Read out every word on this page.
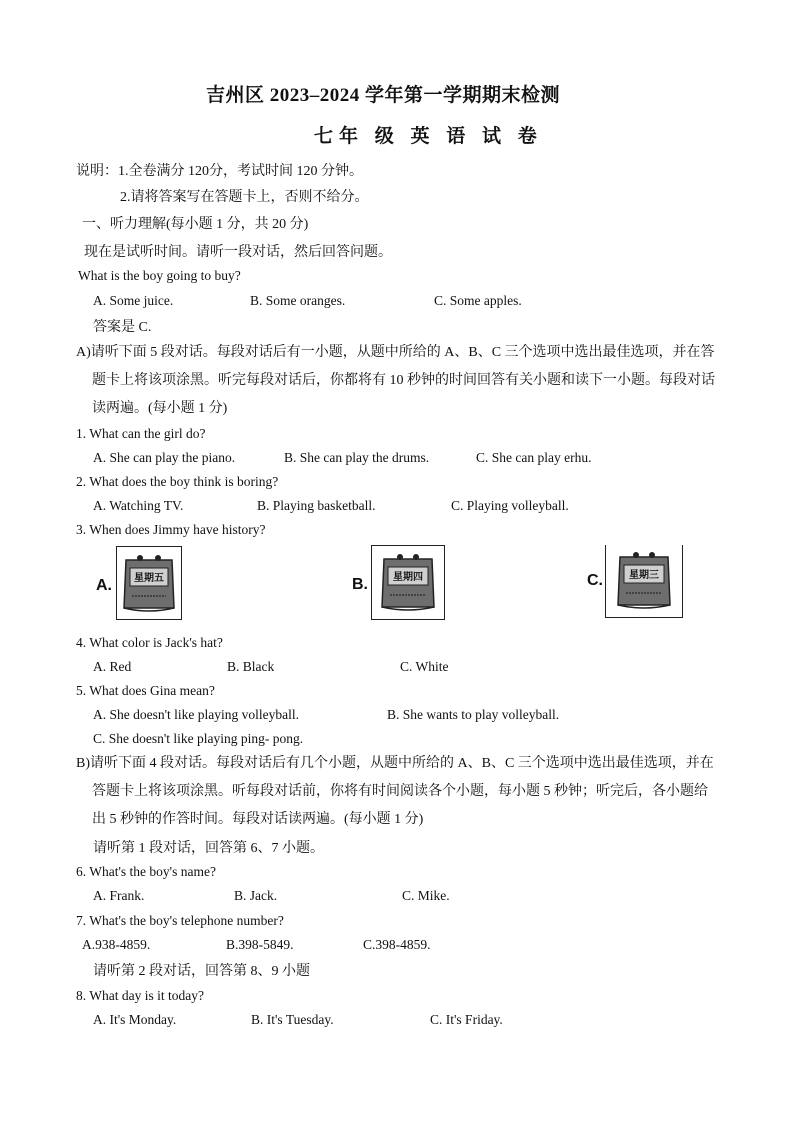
吉州区 2023–2024 学年第一学期期末检测
七年 级 英 语 试 卷
说明：1.全卷满分 120分，考试时间 120 分钟。
2.请将答案写在答题卡上，否则不给分。
一、听力理解(每小题 1 分，共 20 分)
现在是试听时间。请听一段对话，然后回答问题。
What is the boy going to buy?
A. Some juice.	B. Some oranges.	C. Some apples.
答案是 C.
A)请听下面 5 段对话。每段对话后有一小题，从题中所给的 A、B、C 三个选项中选出最佳选项，并在答

题卡上将该项涂黑。听完每段对话后，你都将有 10 秒钟的时间回答有关小题和读下一小题。每段对话
读两遍。(每小题 1 分)
1. What can the girl do?
A. She can play the piano.	B. She can play the drums.	C. She can play erhu.
2. What does the boy think is boring?
A. Watching TV.	B. Playing basketball.	C. Playing volleyball.
3. When does Jimmy have history?
A. 星期五	B.	星期四	C.	星期三
4. What color is Jack's hat?
A. Red	B. Black	C. White
5. What does Gina mean?
A. She doesn't like playing volleyball.	B. She wants to play volleyball.
C. She doesn't like playing ping- pong.
B)请听下面 4 段对话。每段对话后有几个小题，从题中所给的 A、B、C 三个选项中选出最佳选项，并在

答题卡上将该项涂黑。听每段对话前，你将有时间阅读各个小题，每小题 5 秒钟；听完后，各小题给
出 5 秒钟的作答时间。每段对话读两遍。(每小题 1 分)
请听第 1 段对话，回答第 6、7 小题。
6. What's the boy's name?
A. Frank.	B. Jack.	C. Mike.
7. What's the boy's telephone number?
A.938-4859.	B.398-5849.	C.398-4859.
请听第 2 段对话，回答第 8、9 小题
8. What day is it today?
A. It's Monday.	B. It's Tuesday.	C. It's Friday.
